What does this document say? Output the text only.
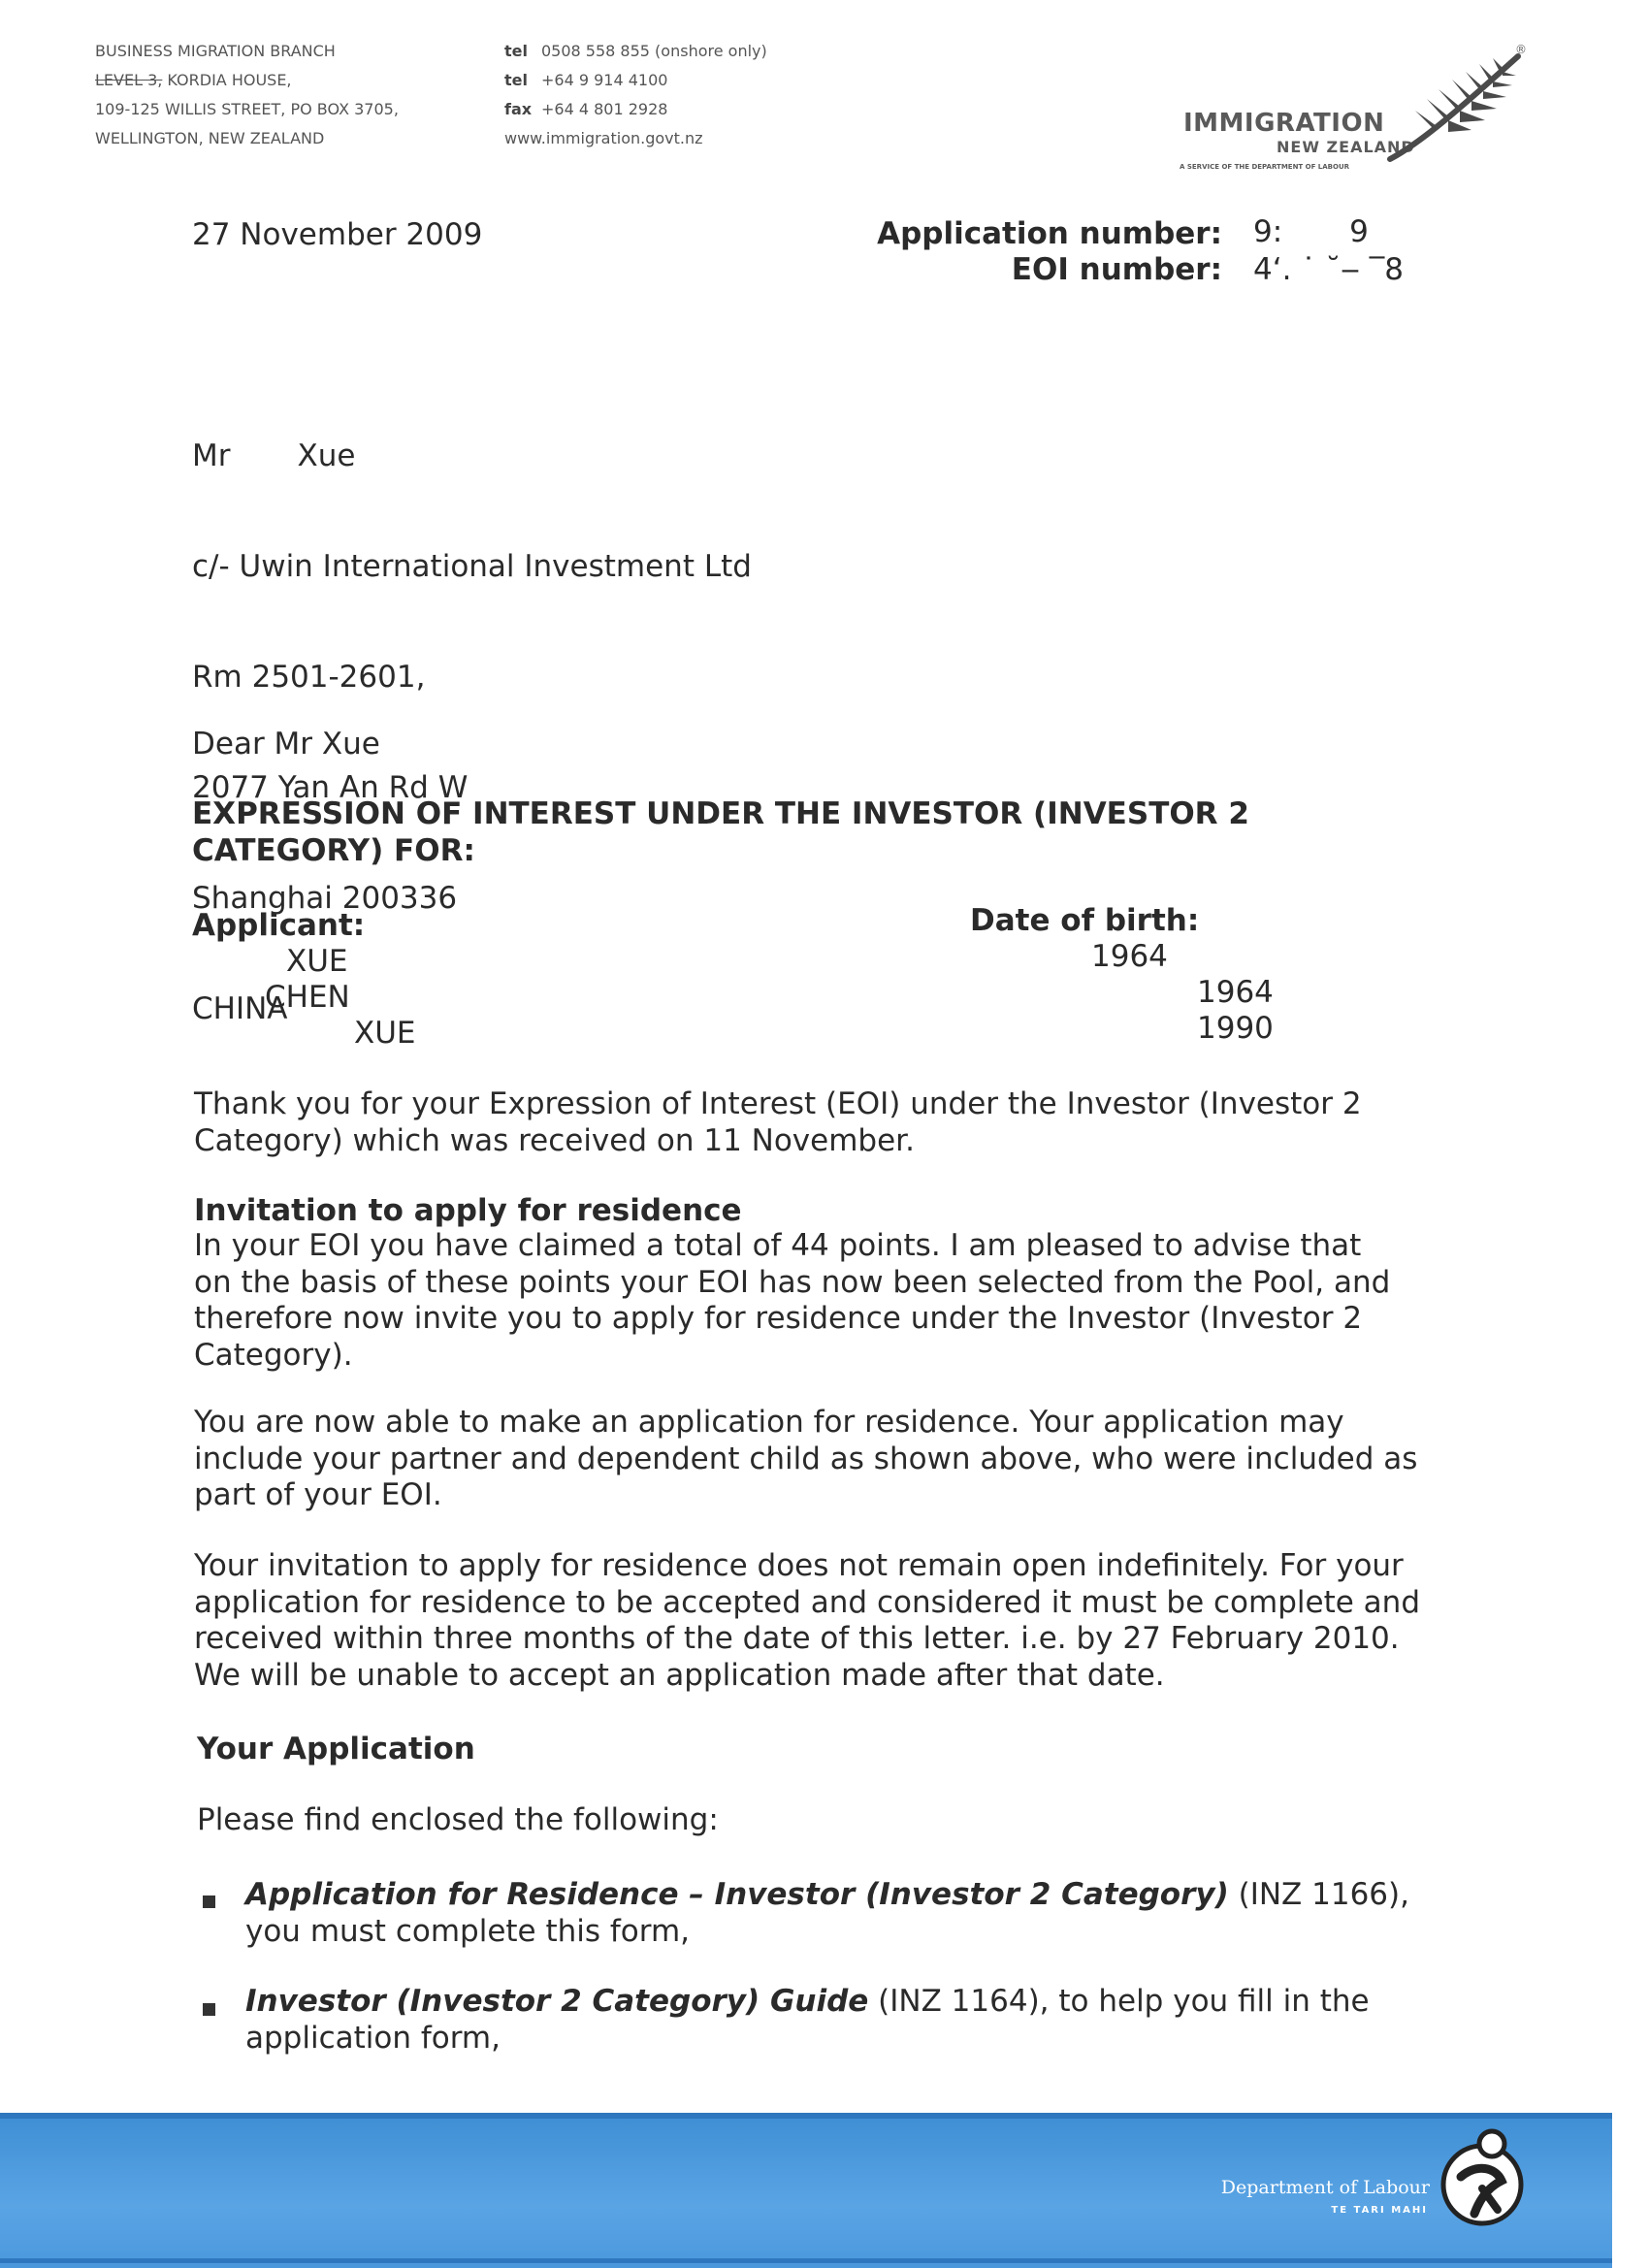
BUSINESS MIGRATION BRANCH
LEVEL 3, KORDIA HOUSE,
109-125 WILLIS STREET, PO BOX 3705,
WELLINGTON, NEW ZEALAND
tel 0508 558 855 (onshore only)
tel +64 9 914 4100
fax +64 4 801 2928
www.immigration.govt.nz
IMMIGRATION
NEW ZEALAND
A SERVICE OF THE DEPARTMENT OF LABOUR
®
27 November 2009	Application number: 9:       9
EOI number: 4‘. ˙ ˘‒ ‾8

Mr       Xue

c/- Uwin International Investment Ltd

Rm 2501-2601,

2077 Yan An Rd W

Shanghai 200336

CHINA

Dear Mr Xue
EXPRESSION OF INTEREST UNDER THE INVESTOR (INVESTOR 2
CATEGORY) FOR:
Applicant:	Date of birth:
XUE	1964
CHEN	1964
XUE	1990
Thank you for your Expression of Interest (EOI) under the Investor (Investor 2
Category) which was received on 11 November.
Invitation to apply for residence
In your EOI you have claimed a total of 44 points. I am pleased to advise that
on the basis of these points your EOI has now been selected from the Pool, and
therefore now invite you to apply for residence under the Investor (Investor 2
Category).
You are now able to make an application for residence. Your application may
include your partner and dependent child as shown above, who were included as
part of your EOI.
Your invitation to apply for residence does not remain open indefinitely. For your
application for residence to be accepted and considered it must be complete and
received within three months of the date of this letter. i.e. by 27 February 2010.
We will be unable to accept an application made after that date.
Your Application
Please find enclosed the following:
Application for Residence – Investor (Investor 2 Category) (INZ 1166),
you must complete this form,
Investor (Investor 2 Category) Guide (INZ 1164), to help you fill in the
application form,
Department of Labour
TE TARI MAHI
